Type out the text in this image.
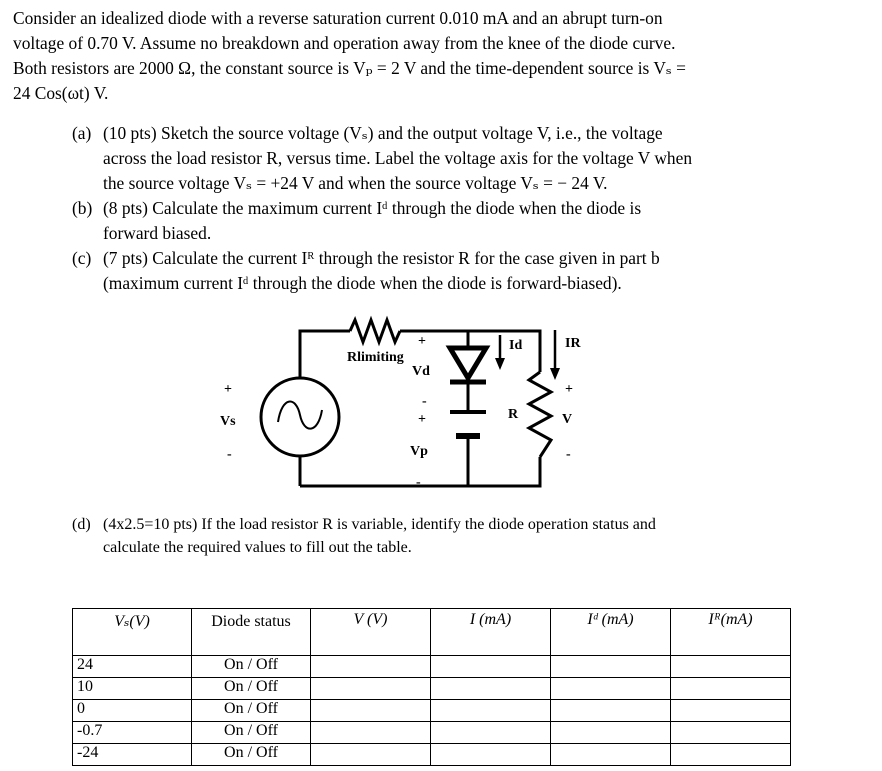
Consider an idealized diode with a reverse saturation current 0.010 mA and an abrupt turn-on

voltage of 0.70 V. Assume no breakdown and operation away from the knee of the diode curve.

Both resistors are 2000 Ω, the constant source is Vₚ = 2 V and the time-dependent source is Vₛ =

24 Cos(ωt) V.

(a) (10 pts) Sketch the source voltage (Vₛ) and the output voltage V, i.e., the voltage
across the load resistor R, versus time. Label the voltage axis for the voltage V when
the source voltage Vₛ = +24 V and when the source voltage Vₛ = − 24 V.
(b) (8 pts) Calculate the maximum current Iᵈ through the diode when the diode is
forward biased.
(c) (7 pts) Calculate the current Iᴿ through the resistor R for the case given in part b
(maximum current Iᵈ through the diode when the diode is forward-biased).
Rlimiting
+
Vd
-
+
Vp
-
+
Vs
-
Id	IR
R
+
V
-
(d) (4x2.5=10 pts) If the load resistor R is variable, identify the diode operation status and
calculate the required values to fill out the table.
Vₛ(V)	Diode status	V (V)	I (mA)	Iᵈ (mA)	Iᴿ(mA)
24	On / Off				
10	On / Off				
0	On / Off				
-0.7	On / Off				
-24	On / Off				
